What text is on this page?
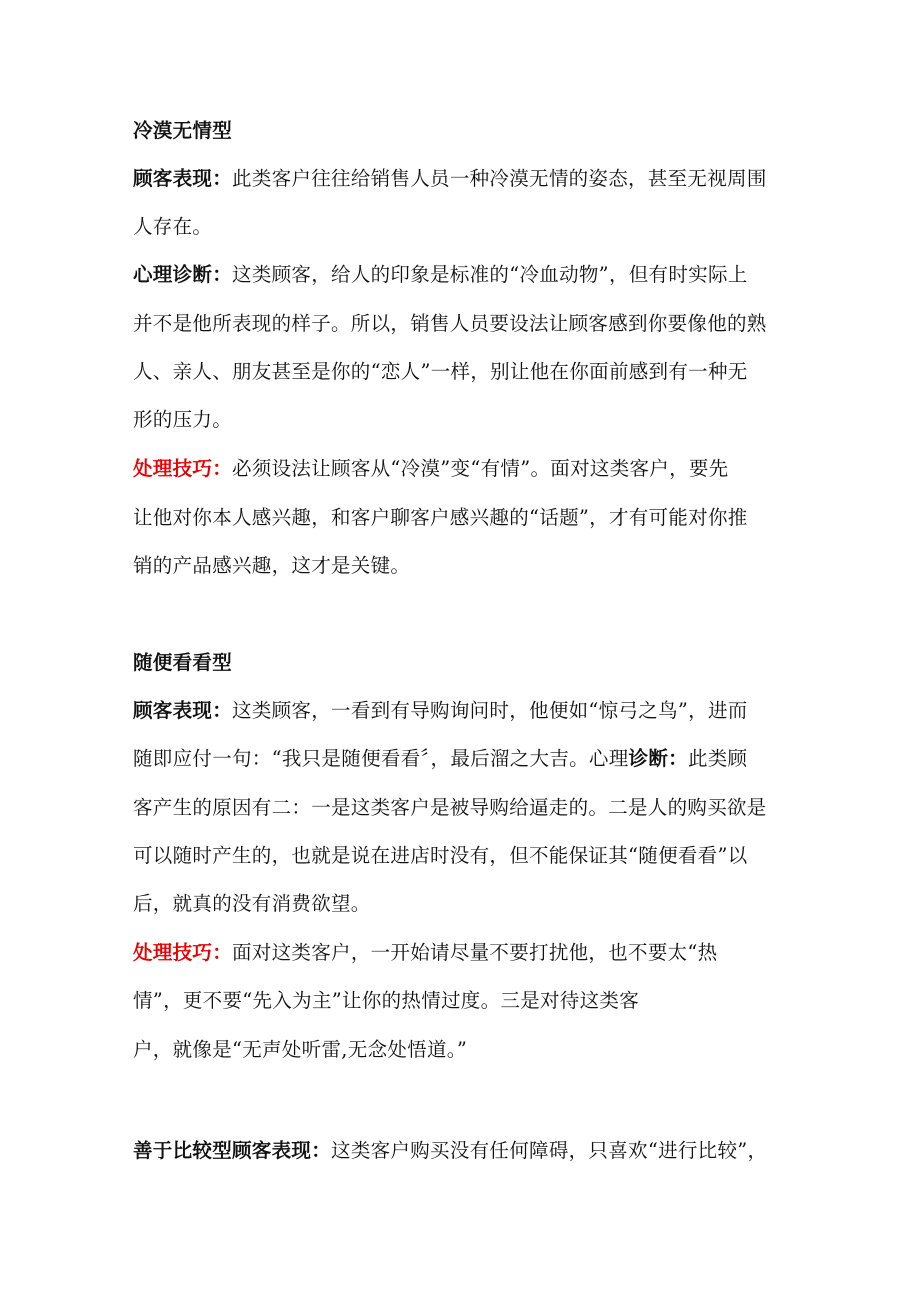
冷漠无情型
顾客表现：此类客户往往给销售人员一种冷漠无情的姿态，甚至无视周围
人存在。
心理诊断：这类顾客，给人的印象是标准的“冷血动物”，但有时实际上
并不是他所表现的样子。所以，销售人员要设法让顾客感到你要像他的熟
人、亲人、朋友甚至是你的“恋人”一样，别让他在你面前感到有一种无
形的压力。
处理技巧：必须设法让顾客从“冷漠”变“有情”。面对这类客户，要先
让他对你本人感兴趣，和客户聊客户感兴趣的“话题”，才有可能对你推
销的产品感兴趣，这才是关键。
随便看看型
顾客表现：这类顾客，一看到有导购询问时，他便如“惊弓之鸟”，进而
随即应付一句：“我只是随便看看〞，最后溜之大吉。心理诊断：此类顾
客产生的原因有二：一是这类客户是被导购给逼走的。二是人的购买欲是
可以随时产生的，也就是说在进店时没有，但不能保证其“随便看看”以
后，就真的没有消费欲望。
处理技巧：面对这类客户，一开始请尽量不要打扰他，也不要太“热
情”，更不要“先入为主”让你的热情过度。三是对待这类客
户，就像是“无声处听雷,无念处悟道。”
善于比较型顾客表现：这类客户购买没有任何障碍，只喜欢“进行比较”，
